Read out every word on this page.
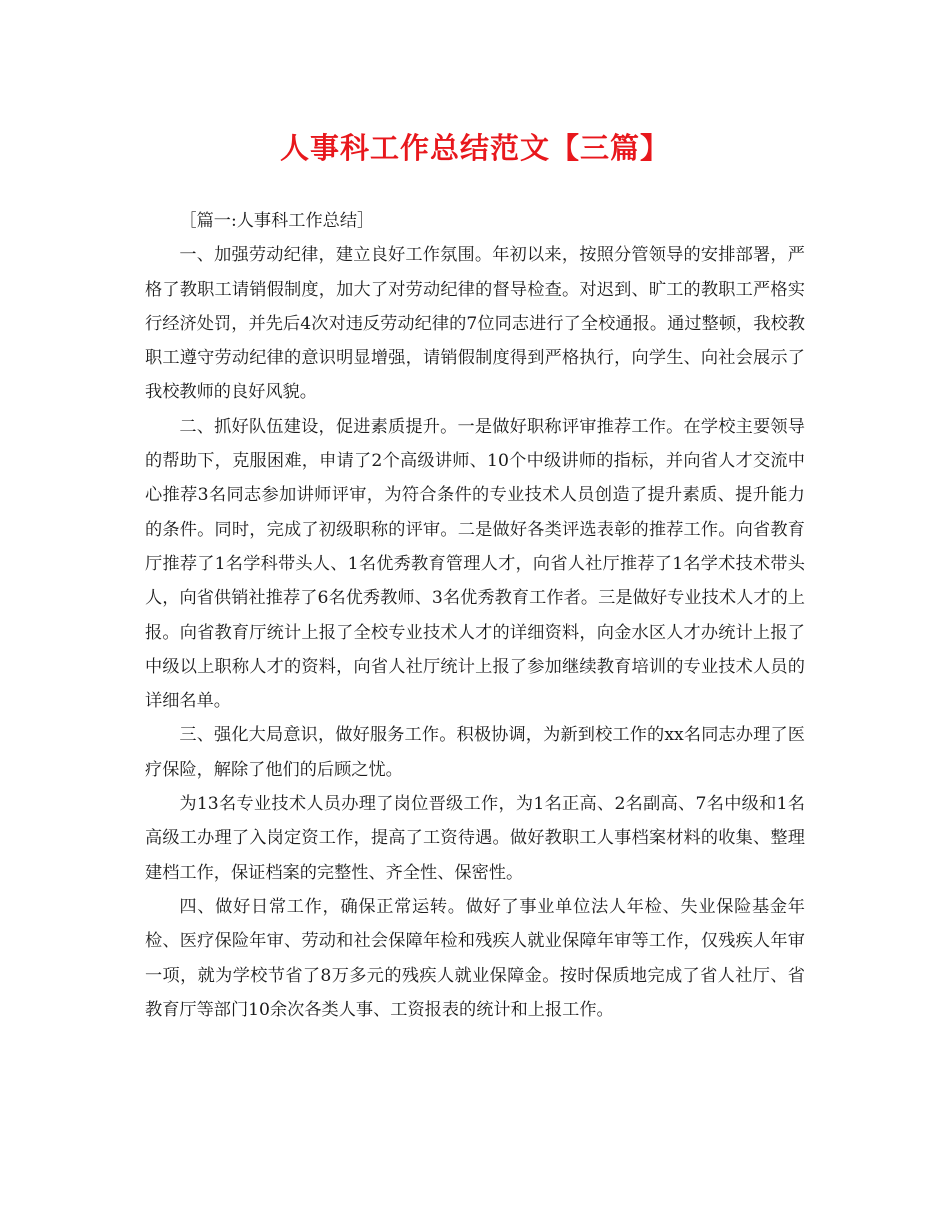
人事科工作总结范文【三篇】

［篇一:人事科工作总结］

一、加强劳动纪律，建立良好工作氛围。年初以来，按照分管领导的安排部署，严格了教职工请销假制度，加大了对劳动纪律的督导检查。对迟到、旷工的教职工严格实行经济处罚，并先后4次对违反劳动纪律的7位同志进行了全校通报。通过整顿，我校教职工遵守劳动纪律的意识明显增强，请销假制度得到严格执行，向学生、向社会展示了我校教师的良好风貌。

二、抓好队伍建设，促进素质提升。一是做好职称评审推荐工作。在学校主要领导的帮助下，克服困难，申请了2个高级讲师、10个中级讲师的指标，并向省人才交流中心推荐3名同志参加讲师评审，为符合条件的专业技术人员创造了提升素质、提升能力的条件。同时，完成了初级职称的评审。二是做好各类评选表彰的推荐工作。向省教育厅推荐了1名学科带头人、1名优秀教育管理人才，向省人社厅推荐了1名学术技术带头人，向省供销社推荐了6名优秀教师、3名优秀教育工作者。三是做好专业技术人才的上报。向省教育厅统计上报了全校专业技术人才的详细资料，向金水区人才办统计上报了中级以上职称人才的资料，向省人社厅统计上报了参加继续教育培训的专业技术人员的详细名单。

三、强化大局意识，做好服务工作。积极协调，为新到校工作的xx名同志办理了医疗保险，解除了他们的后顾之忧。

为13名专业技术人员办理了岗位晋级工作，为1名正高、2名副高、7名中级和1名高级工办理了入岗定资工作，提高了工资待遇。做好教职工人事档案材料的收集、整理建档工作，保证档案的完整性、齐全性、保密性。

四、做好日常工作，确保正常运转。做好了事业单位法人年检、失业保险基金年检、医疗保险年审、劳动和社会保障年检和残疾人就业保障年审等工作，仅残疾人年审一项，就为学校节省了8万多元的残疾人就业保障金。按时保质地完成了省人社厅、省教育厅等部门10余次各类人事、工资报表的统计和上报工作。
